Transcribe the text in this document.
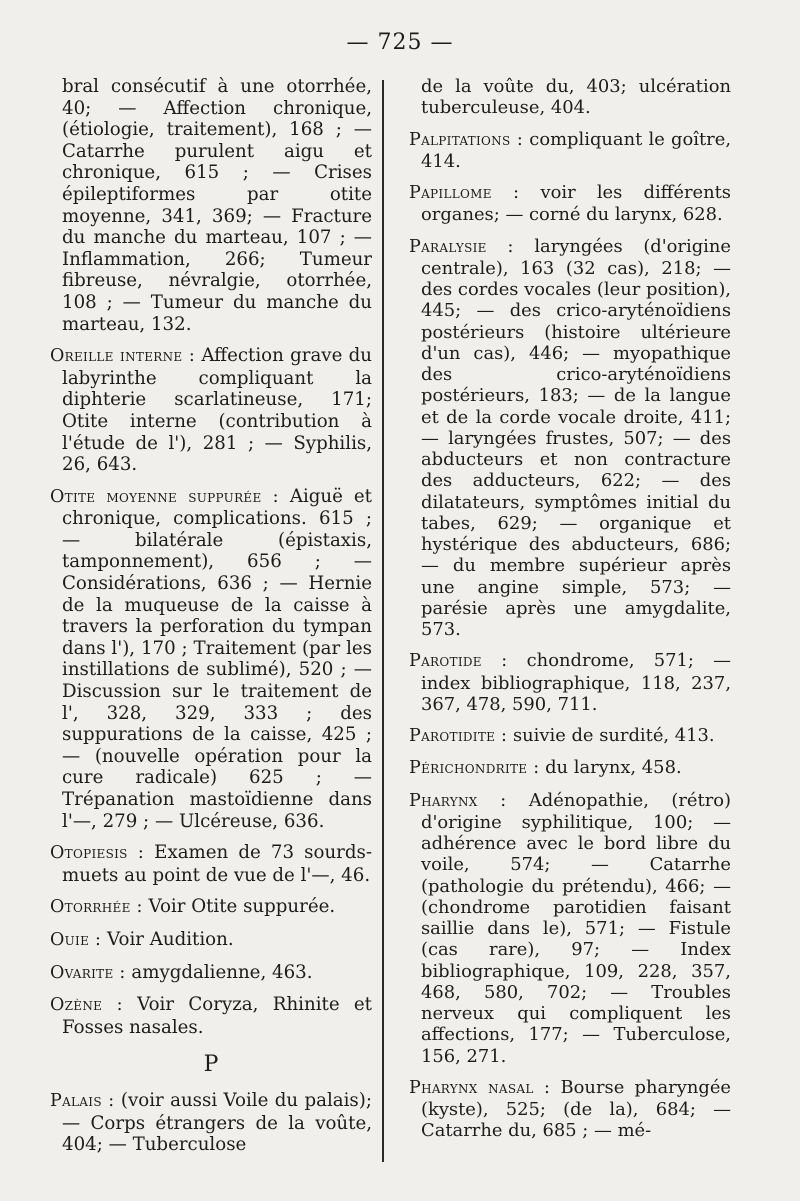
— 725 —
bral consécutif à une otorrhée, 40; — Affection chronique, (étiologie, traitement), 168 ; — Catarrhe purulent aigu et chronique, 615 ; — Crises épileptiformes par otite moyenne, 341, 369; — Fracture du manche du marteau, 107 ; — Inflammation, 266; Tumeur fibreuse, névralgie, otorrhée, 108 ; — Tumeur du manche du marteau, 132.
Oreille interne : Affection grave du labyrinthe compliquant la diphterie scarlatineuse, 171; Otite interne (contribution à l'étude de l'), 281 ; — Syphilis, 26, 643.
Otite moyenne suppurée : Aiguë et chronique, complications. 615 ; — bilatérale (épistaxis, tamponnement), 656 ; — Considérations, 636 ; — Hernie de la muqueuse de la caisse à travers la perforation du tympan dans l'), 170 ; Traitement (par les instillations de sublimé), 520 ; — Discussion sur le traitement de l', 328, 329, 333 ; des suppurations de la caisse, 425 ; — (nouvelle opération pour la cure radicale) 625 ; — Trépanation mastoïdienne dans l'—, 279 ; — Ulcéreuse, 636.
Otopiesis : Examen de 73 sourds-muets au point de vue de l'—, 46.
Otorrhée : Voir Otite suppurée.
Ouie : Voir Audition.
Ovarite : amygdalienne, 463.
Ozène : Voir Coryza, Rhinite et Fosses nasales.
P
Palais : (voir aussi Voile du palais); — Corps étrangers de la voûte, 404; — Tuberculose
de la voûte du, 403; ulcération tuberculeuse, 404.
Palpitations : compliquant le goître, 414.
Papillome : voir les différents organes; — corné du larynx, 628.
Paralysie : laryngées (d'origine centrale), 163 (32 cas), 218; — des cordes vocales (leur position), 445; — des crico-aryténoïdiens postérieurs (histoire ultérieure d'un cas), 446; — myopathique des crico-aryténoïdiens postérieurs, 183; — de la langue et de la corde vocale droite, 411; — laryngées frustes, 507; — des abducteurs et non contracture des adducteurs, 622; — des dilatateurs, symptômes initial du tabes, 629; — organique et hystérique des abducteurs, 686; — du membre supérieur après une angine simple, 573; — parésie après une amygdalite, 573.
Parotide : chondrome, 571; — index bibliographique, 118, 237, 367, 478, 590, 711.
Parotidite : suivie de surdité, 413.
Périchondrite : du larynx, 458.
Pharynx : Adénopathie, (rétro) d'origine syphilitique, 100; — adhérence avec le bord libre du voile, 574; — Catarrhe (pathologie du prétendu), 466; — (chondrome parotidien faisant saillie dans le), 571; — Fistule (cas rare), 97; — Index bibliographique, 109, 228, 357, 468, 580, 702; — Troubles nerveux qui compliquent les affections, 177; — Tuberculose, 156, 271.
Pharynx nasal : Bourse pharyngée (kyste), 525; (de la), 684; — Catarrhe du, 685 ; — mé-
